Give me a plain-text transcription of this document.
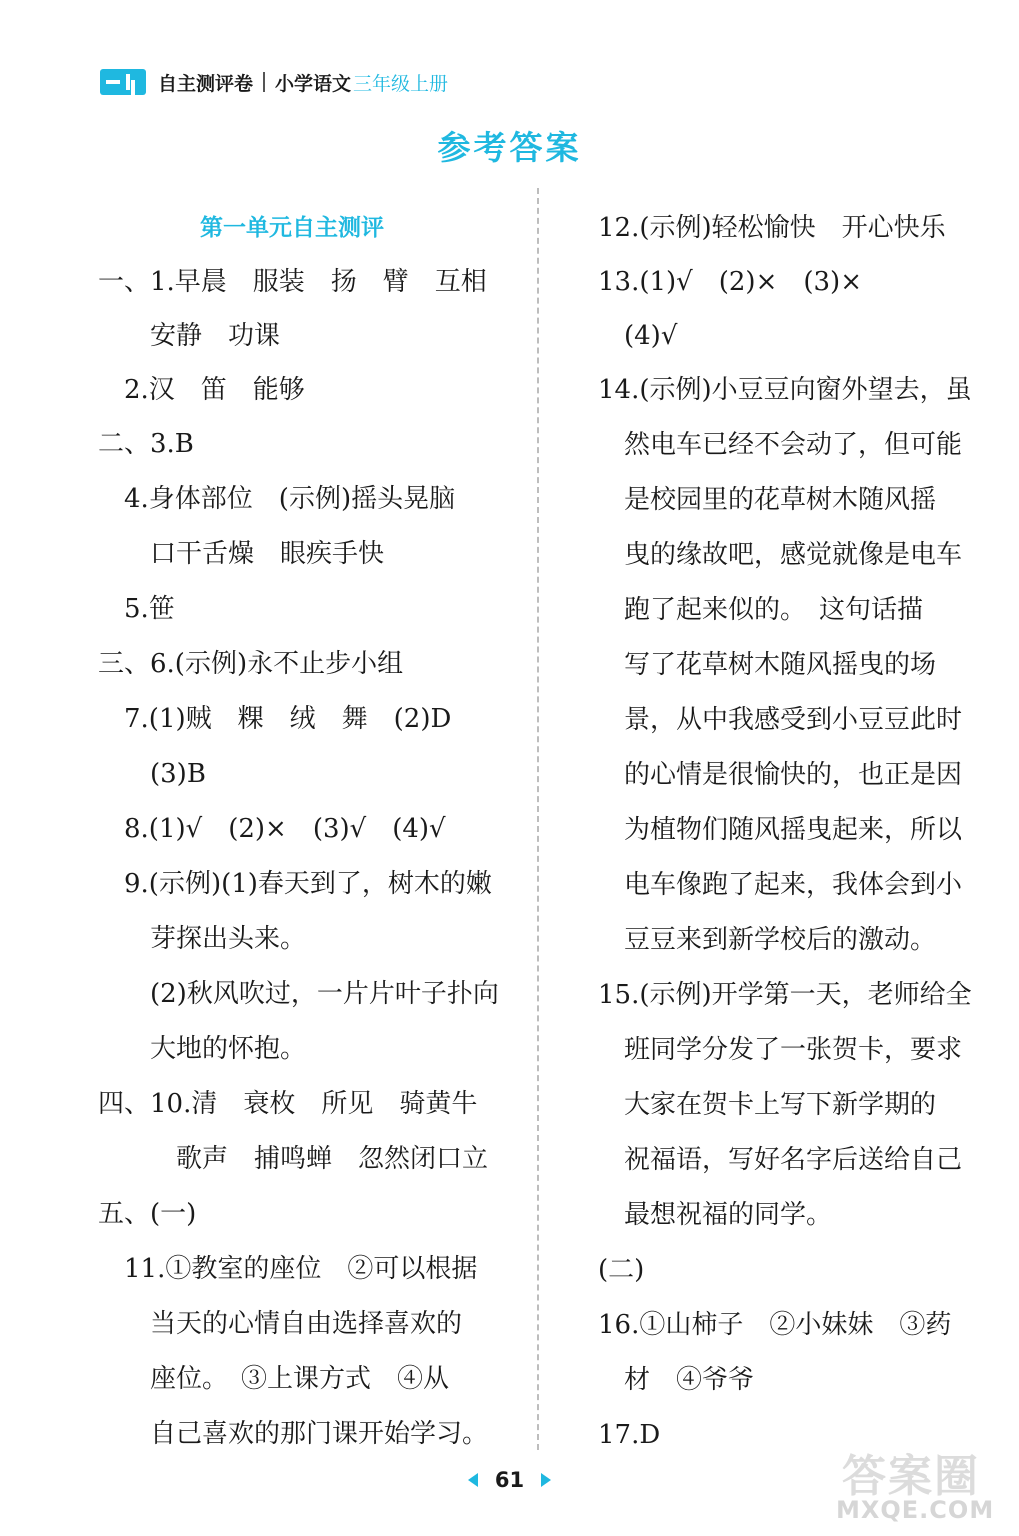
自主测评卷 小学语文 三年级上册
参考答案
第一单元自主测评
一、1.早晨　服装　扬　臂　互相
　　安静　功课
　2.汉　笛　能够
二、3.B
　4.身体部位　(示例)摇头晃脑
　　口干舌燥　眼疾手快
　5.笹
三、6.(示例)永不止步小组
　7.(1)贼　粿　绒　舞　(2)D
　　(3)B
　8.(1)√　(2)×　(3)√　(4)√
　9.(示例)(1)春天到了，树木的嫩
　　芽探出头来。
　　(2)秋风吹过，一片片叶子扑向
　　大地的怀抱。
四、10.清　衰枚　所见　骑黄牛
　　　歌声　捕鸣蝉　忽然闭口立
五、(一)
　11.①教室的座位　②可以根据
　　当天的心情自由选择喜欢的
　　座位。　③上课方式　④从
　　自己喜欢的那门课开始学习。
12.(示例)轻松愉快　开心快乐
13.(1)√　(2)×　(3)×
　(4)√
14.(示例)小豆豆向窗外望去，虽
　然电车已经不会动了，但可能
　是校园里的花草树木随风摇
　曳的缘故吧，感觉就像是电车
　跑了起来似的。　这句话描
　写了花草树木随风摇曳的场
　景，从中我感受到小豆豆此时
　的心情是很愉快的，也正是因
　为植物们随风摇曳起来，所以
　电车像跑了起来，我体会到小
　豆豆来到新学校后的激动。
15.(示例)开学第一天，老师给全
　班同学分发了一张贺卡，要求
　大家在贺卡上写下新学期的
　祝福语，写好名字后送给自己
　最想祝福的同学。
(二)
16.①山柿子　②小妹妹　③药
　材　④爷爷
17.D
61	答案圈
MXQE.COM
